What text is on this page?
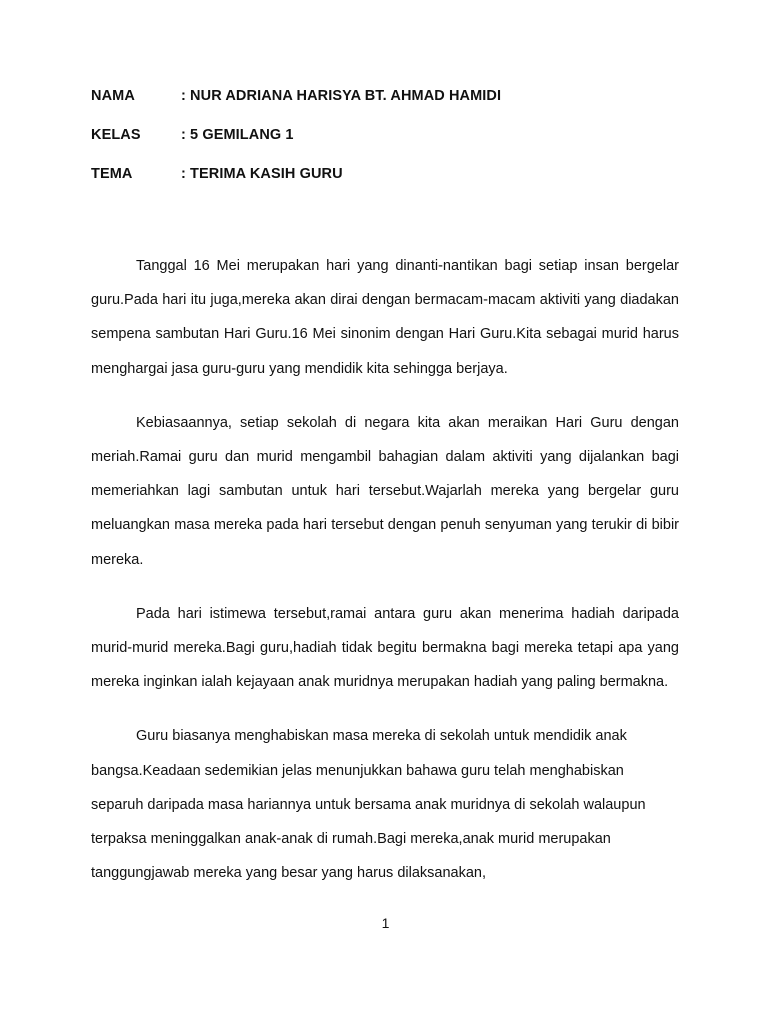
NAMA	: NUR ADRIANA HARISYA BT. AHMAD HAMIDI
KELAS	: 5 GEMILANG 1
TEMA	: TERIMA KASIH GURU

Tanggal 16 Mei merupakan hari yang dinanti-nantikan bagi setiap insan bergelar guru.Pada hari itu juga,mereka akan dirai dengan bermacam-macam aktiviti yang diadakan sempena sambutan Hari Guru.16 Mei sinonim dengan Hari Guru.Kita sebagai murid harus menghargai jasa guru-guru yang mendidik kita sehingga berjaya.

Kebiasaannya, setiap sekolah di negara kita akan meraikan Hari Guru dengan meriah.Ramai guru dan murid mengambil bahagian dalam aktiviti yang dijalankan bagi memeriahkan lagi sambutan untuk hari tersebut.Wajarlah mereka yang bergelar guru meluangkan masa mereka pada hari tersebut dengan penuh senyuman yang terukir di bibir mereka.

Pada hari istimewa tersebut,ramai antara guru akan menerima hadiah daripada murid-murid mereka.Bagi guru,hadiah tidak begitu bermakna bagi mereka tetapi apa yang mereka inginkan ialah kejayaan anak muridnya merupakan hadiah yang paling bermakna.

Guru biasanya menghabiskan masa mereka di sekolah untuk mendidik anak bangsa.Keadaan sedemikian jelas menunjukkan bahawa guru telah menghabiskan separuh daripada masa hariannya untuk bersama anak muridnya di sekolah walaupun terpaksa meninggalkan anak-anak di rumah.Bagi mereka,anak murid merupakan tanggungjawab mereka yang besar yang harus dilaksanakan,

1
